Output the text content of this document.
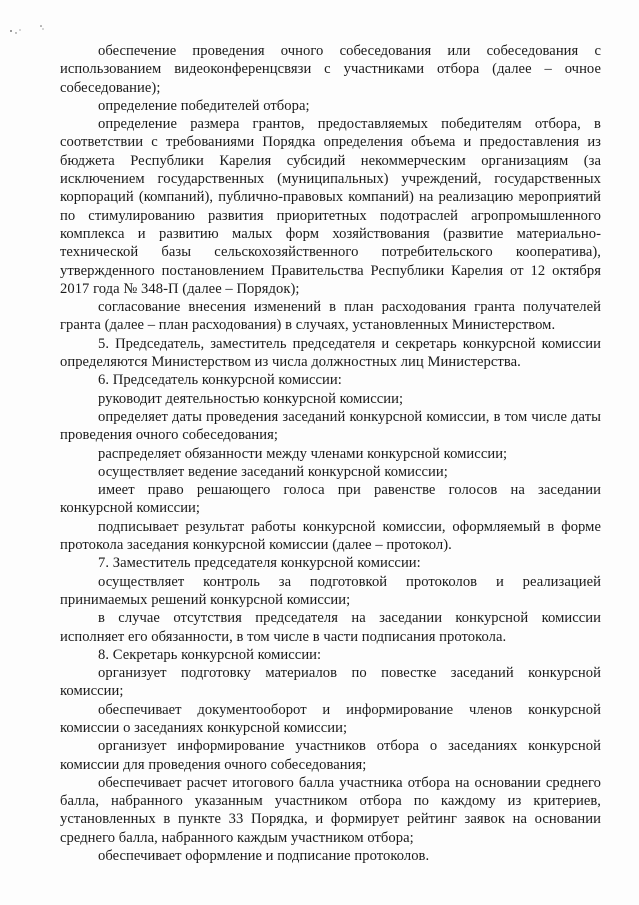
обеспечение проведения очного собеседования или собеседования с использованием видеоконференцсвязи с участниками отбора (далее – очное собеседование);

определение победителей отбора;

определение размера грантов, предоставляемых победителям отбора, в соответствии с требованиями Порядка определения объема и предоставления из бюджета Республики Карелия субсидий некоммерческим организациям (за исключением государственных (муниципальных) учреждений, государственных корпораций (компаний), публично-правовых компаний) на реализацию мероприятий по стимулированию развития приоритетных подотраслей агропромышленного комплекса и развитию малых форм хозяйствования (развитие материально-технической базы сельскохозяйственного потребительского кооператива), утвержденного постановлением Правительства Республики Карелия от 12 октября 2017 года № 348-П (далее – Порядок);

согласование внесения изменений в план расходования гранта получателей гранта (далее – план расходования) в случаях, установленных Министерством.

5. Председатель, заместитель председателя и секретарь конкурсной комиссии определяются Министерством из числа должностных лиц Министерства.

6. Председатель конкурсной комиссии:

руководит деятельностью конкурсной комиссии;

определяет даты проведения заседаний конкурсной комиссии, в том числе даты проведения очного собеседования;

распределяет обязанности между членами конкурсной комиссии;

осуществляет ведение заседаний конкурсной комиссии;

имеет право решающего голоса при равенстве голосов на заседании конкурсной комиссии;

подписывает результат работы конкурсной комиссии, оформляемый в форме протокола заседания конкурсной комиссии (далее – протокол).

7. Заместитель председателя конкурсной комиссии:

осуществляет контроль за подготовкой протоколов и реализацией принимаемых решений конкурсной комиссии;

в случае отсутствия председателя на заседании конкурсной комиссии исполняет его обязанности, в том числе в части подписания протокола.

8. Секретарь конкурсной комиссии:

организует подготовку материалов по повестке заседаний конкурсной комиссии;

обеспечивает документооборот и информирование членов конкурсной комиссии о заседаниях конкурсной комиссии;

организует информирование участников отбора о заседаниях конкурсной комиссии для проведения очного собеседования;

обеспечивает расчет итогового балла участника отбора на основании среднего балла, набранного указанным участником отбора по каждому из критериев, установленных в пункте 33 Порядка, и формирует рейтинг заявок на основании среднего балла, набранного каждым участником отбора;

обеспечивает оформление и подписание протоколов.
